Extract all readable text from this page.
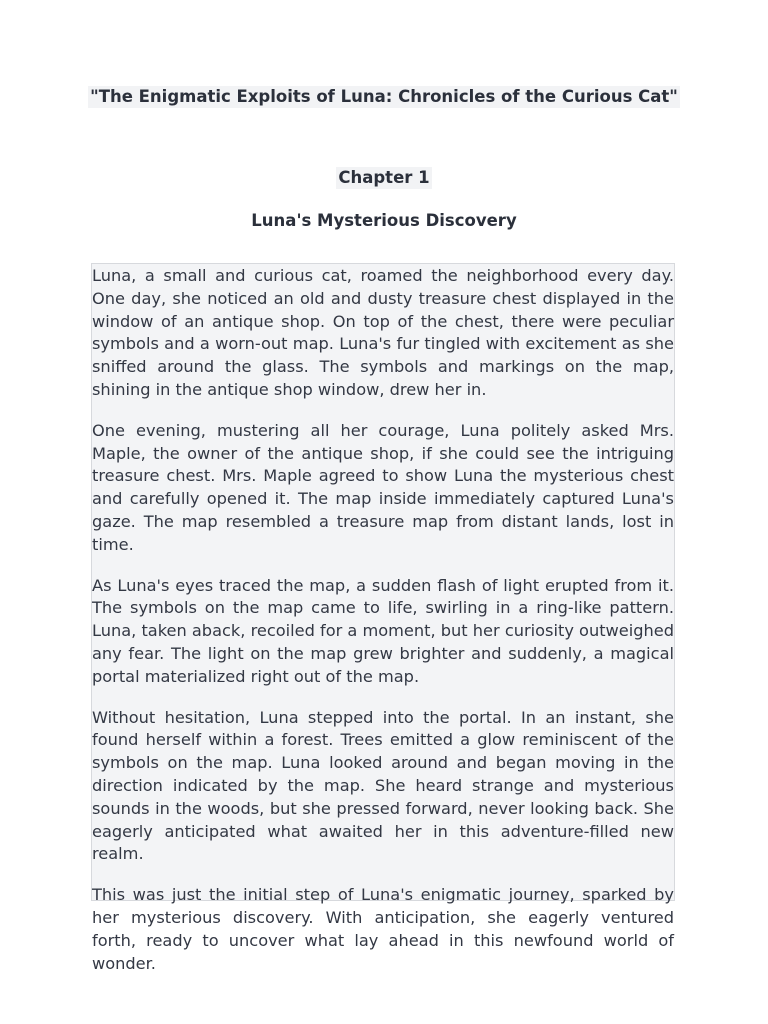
"The Enigmatic Exploits of Luna: Chronicles of the Curious Cat"
Chapter 1
Luna's Mysterious Discovery

Luna, a small and curious cat, roamed the neighborhood every day. One day, she noticed an old and dusty treasure chest displayed in the window of an antique shop. On top of the chest, there were peculiar symbols and a worn-out map. Luna's fur tingled with excitement as she sniffed around the glass. The symbols and markings on the map, shining in the antique shop window, drew her in.

One evening, mustering all her courage, Luna politely asked Mrs. Maple, the owner of the antique shop, if she could see the intriguing treasure chest. Mrs. Maple agreed to show Luna the mysterious chest and carefully opened it. The map inside immediately captured Luna's gaze. The map resembled a treasure map from distant lands, lost in time.

As Luna's eyes traced the map, a sudden flash of light erupted from it. The symbols on the map came to life, swirling in a ring-like pattern. Luna, taken aback, recoiled for a moment, but her curiosity outweighed any fear. The light on the map grew brighter and suddenly, a magical portal materialized right out of the map.

Without hesitation, Luna stepped into the portal. In an instant, she found herself within a forest. Trees emitted a glow reminiscent of the symbols on the map. Luna looked around and began moving in the direction indicated by the map. She heard strange and mysterious sounds in the woods, but she pressed forward, never looking back. She eagerly anticipated what awaited her in this adventure-filled new realm.

This was just the initial step of Luna's enigmatic journey, sparked by her mysterious discovery. With anticipation, she eagerly ventured forth, ready to uncover what lay ahead in this newfound world of wonder.
